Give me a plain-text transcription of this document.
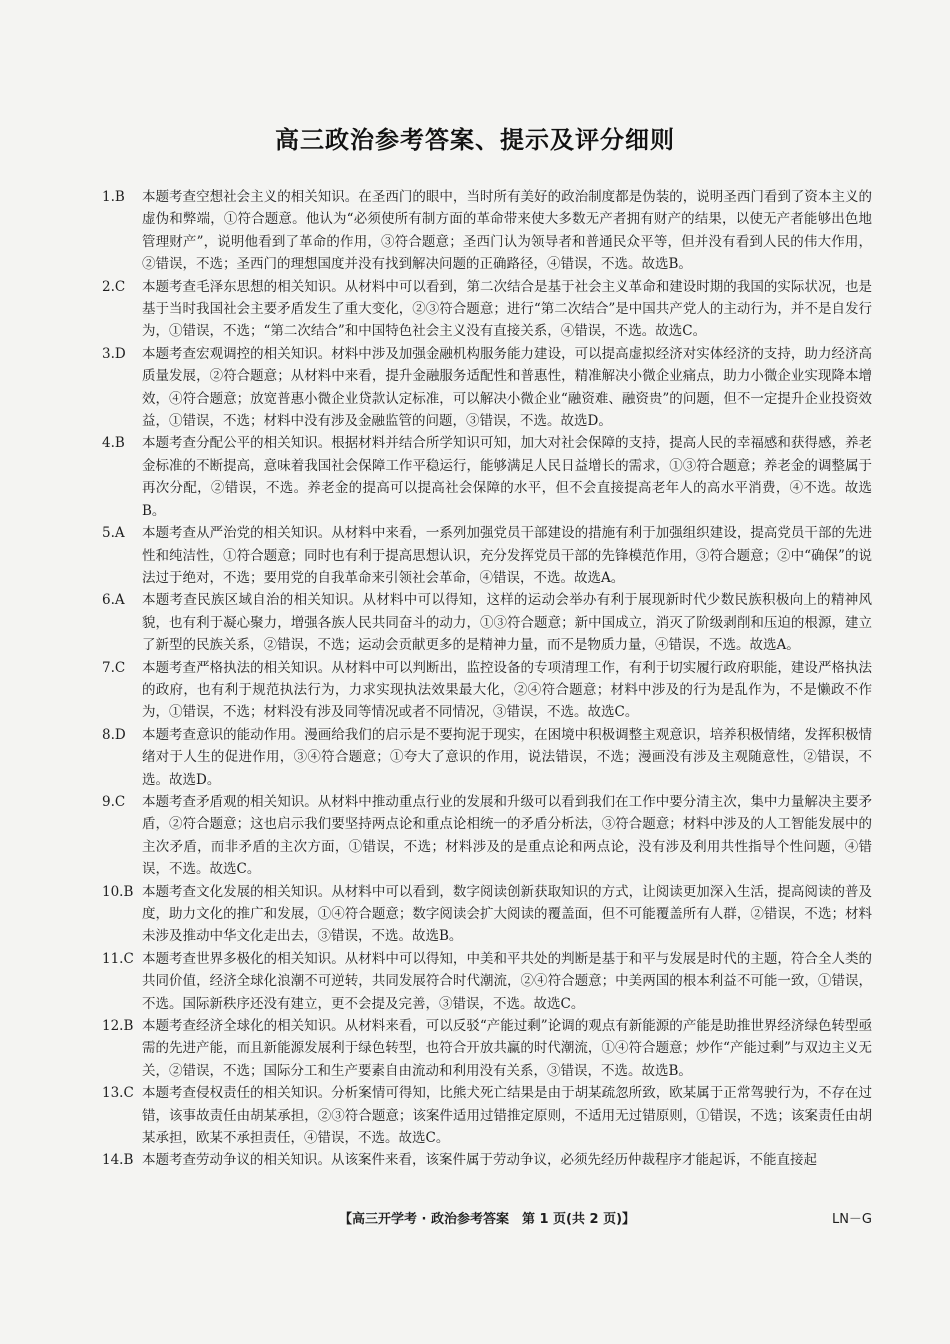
高三政治参考答案、提示及评分细则
1.B	本题考查空想社会主义的相关知识。在圣西门的眼中，当时所有美好的政治制度都是伪装的，说明圣西门看到了资本主义的虚伪和弊端，①符合题意。他认为“必须使所有制方面的革命带来使大多数无产者拥有财产的结果，以使无产者能够出色地管理财产”，说明他看到了革命的作用，③符合题意；圣西门认为领导者和普通民众平等，但并没有看到人民的伟大作用，②错误，不选；圣西门的理想国度并没有找到解决问题的正确路径，④错误，不选。故选B。
2.C	本题考查毛泽东思想的相关知识。从材料中可以看到，第二次结合是基于社会主义革命和建设时期的我国的实际状况，也是基于当时我国社会主要矛盾发生了重大变化，②③符合题意；进行“第二次结合”是中国共产党人的主动行为，并不是自发行为，①错误，不选；“第二次结合”和中国特色社会主义没有直接关系，④错误，不选。故选C。
3.D	本题考查宏观调控的相关知识。材料中涉及加强金融机构服务能力建设，可以提高虚拟经济对实体经济的支持，助力经济高质量发展，②符合题意；从材料中来看，提升金融服务适配性和普惠性，精准解决小微企业痛点，助力小微企业实现降本增效，④符合题意；放宽普惠小微企业贷款认定标准，可以解决小微企业“融资难、融资贵”的问题，但不一定提升企业投资效益，①错误，不选；材料中没有涉及金融监管的问题，③错误，不选。故选D。
4.B	本题考查分配公平的相关知识。根据材料并结合所学知识可知，加大对社会保障的支持，提高人民的幸福感和获得感，养老金标准的不断提高，意味着我国社会保障工作平稳运行，能够满足人民日益增长的需求，①③符合题意；养老金的调整属于再次分配，②错误，不选。养老金的提高可以提高社会保障的水平，但不会直接提高老年人的高水平消费，④不选。故选B。
5.A	本题考查从严治党的相关知识。从材料中来看，一系列加强党员干部建设的措施有利于加强组织建设，提高党员干部的先进性和纯洁性，①符合题意；同时也有利于提高思想认识，充分发挥党员干部的先锋模范作用，③符合题意；②中“确保”的说法过于绝对，不选；要用党的自我革命来引领社会革命，④错误，不选。故选A。
6.A	本题考查民族区域自治的相关知识。从材料中可以得知，这样的运动会举办有利于展现新时代少数民族积极向上的精神风貌，也有利于凝心聚力，增强各族人民共同奋斗的动力，①③符合题意；新中国成立，消灭了阶级剥削和压迫的根源，建立了新型的民族关系，②错误，不选；运动会贡献更多的是精神力量，而不是物质力量，④错误，不选。故选A。
7.C	本题考查严格执法的相关知识。从材料中可以判断出，监控设备的专项清理工作，有利于切实履行政府职能，建设严格执法的政府，也有利于规范执法行为，力求实现执法效果最大化，②④符合题意；材料中涉及的行为是乱作为，不是懒政不作为，①错误，不选；材料没有涉及同等情况或者不同情况，③错误，不选。故选C。
8.D	本题考查意识的能动作用。漫画给我们的启示是不要拘泥于现实，在困境中积极调整主观意识，培养积极情绪，发挥积极情绪对于人生的促进作用，③④符合题意；①夸大了意识的作用，说法错误，不选；漫画没有涉及主观随意性，②错误，不选。故选D。
9.C	本题考查矛盾观的相关知识。从材料中推动重点行业的发展和升级可以看到我们在工作中要分清主次，集中力量解决主要矛盾，②符合题意；这也启示我们要坚持两点论和重点论相统一的矛盾分析法，③符合题意；材料中涉及的人工智能发展中的主次矛盾，而非矛盾的主次方面，①错误，不选；材料涉及的是重点论和两点论，没有涉及利用共性指导个性问题，④错误，不选。故选C。
10.B 本题考查文化发展的相关知识。从材料中可以看到，数字阅读创新获取知识的方式，让阅读更加深入生活，提高阅读的普及度，助力文化的推广和发展，①④符合题意；数字阅读会扩大阅读的覆盖面，但不可能覆盖所有人群，②错误，不选；材料未涉及推动中华文化走出去，③错误，不选。故选B。
11.C 本题考查世界多极化的相关知识。从材料中可以得知，中美和平共处的判断是基于和平与发展是时代的主题，符合全人类的共同价值，经济全球化浪潮不可逆转，共同发展符合时代潮流，②④符合题意；中美两国的根本利益不可能一致，①错误，不选。国际新秩序还没有建立，更不会提及完善，③错误，不选。故选C。
12.B 本题考查经济全球化的相关知识。从材料来看，可以反驳“产能过剩”论调的观点有新能源的产能是助推世界经济绿色转型亟需的先进产能，而且新能源发展利于绿色转型，也符合开放共赢的时代潮流，①④符合题意；炒作“产能过剩”与双边主义无关，②错误，不选；国际分工和生产要素自由流动和利用没有关系，③错误，不选。故选B。
13.C 本题考查侵权责任的相关知识。分析案情可得知，比熊犬死亡结果是由于胡某疏忽所致，欧某属于正常驾驶行为，不存在过错，该事故责任由胡某承担，②③符合题意；该案件适用过错推定原则，不适用无过错原则，①错误，不选；该案责任由胡某承担，欧某不承担责任，④错误，不选。故选C。
14.B 本题考查劳动争议的相关知识。从该案件来看，该案件属于劳动争议，必须先经历仲裁程序才能起诉，不能直接起
【高三开学考 · 政治参考答案　第 1 页(共 2 页)】	LN－G
